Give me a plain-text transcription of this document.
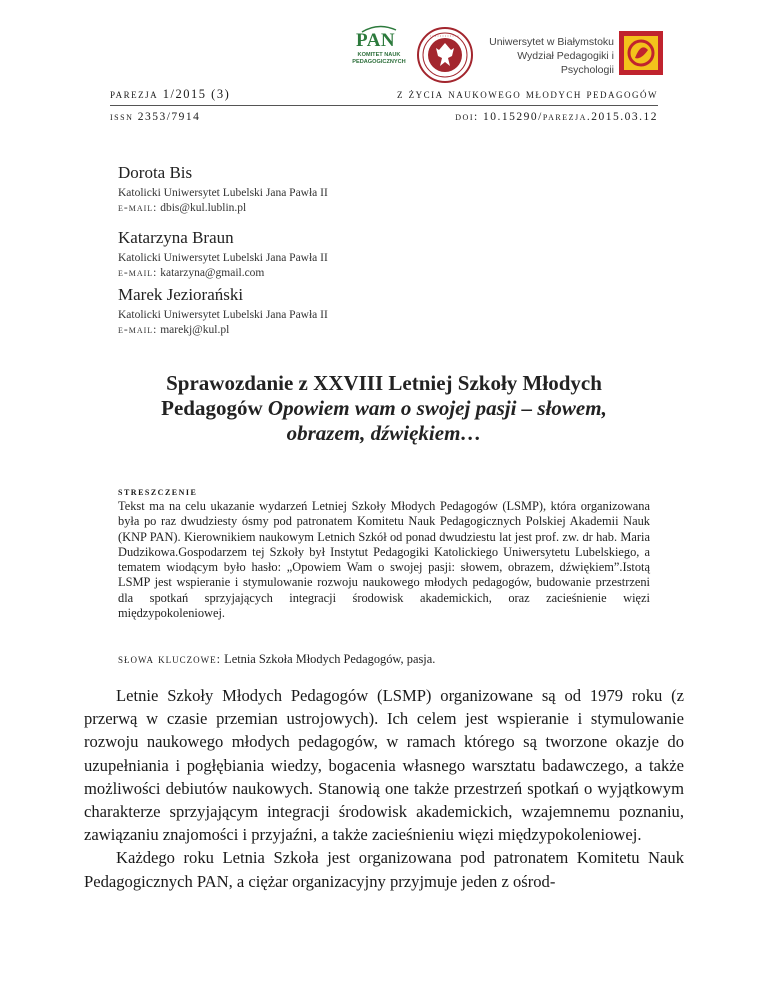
PAN
KOMITET NAUK
PEDAGOGICZNYCH
Uniwersytet w Białymstoku
Wydział Pedagogiki i Psychologii
parezja 1/2015 (3)	z życia naukowego młodych pedagogów
issn 2353/7914	doi: 10.15290/parezja.2015.03.12
Dorota Bis
Katolicki Uniwersytet Lubelski Jana Pawła II
e-mail: dbis@kul.lublin.pl
Katarzyna Braun
Katolicki Uniwersytet Lubelski Jana Pawła II
e-mail: katarzyna@gmail.com
Marek Jeziorański
Katolicki Uniwersytet Lubelski Jana Pawła II
e-mail: marekj@kul.pl
Sprawozdanie z XXVIII Letniej Szkoły Młodych
Pedagogów Opowiem wam o swojej pasji – słowem,
obrazem, dźwiękiem…
streszczenie
Tekst ma na celu ukazanie wydarzeń Letniej Szkoły Młodych Pedagogów (LSMP), która organizowana była po raz dwudziesty ósmy pod patronatem Komitetu Nauk Pedagogicznych Polskiej Akademii Nauk (KNP PAN). Kierownikiem naukowym Letnich Szkół od ponad dwudziestu lat jest prof. zw. dr hab. Maria Dudzikowa.Gospodarzem tej Szkoły był Instytut Pedagogiki Katolickiego Uniwersytetu Lubelskiego, a tematem wiodącym było hasło: „Opowiem Wam o swojej pasji: słowem, obrazem, dźwiękiem”.Istotą LSMP jest wspieranie i stymulowanie rozwoju naukowego młodych pedagogów, budowanie przestrzeni dla spotkań sprzyjających integracji środowisk akademickich, oraz zacieśnienie więzi międzypokoleniowej.
słowa kluczowe: Letnia Szkoła Młodych Pedagogów, pasja.

Letnie Szkoły Młodych Pedagogów (LSMP) organizowane są od 1979 roku (z przerwą w czasie przemian ustrojowych). Ich celem jest wspieranie i stymulowanie rozwoju naukowego młodych pedagogów, w ramach którego są tworzone okazje do uzupełniania i pogłębiania wiedzy, bogacenia własnego warsztatu badawczego, a także możliwości debiutów naukowych. Stanowią one także przestrzeń spotkań o wyjątkowym charakterze sprzyjającym integracji środowisk akademickich, wzajemnemu poznaniu, zawiązaniu znajomości i przyjaźni, a także zacieśnieniu więzi międzypokoleniowej.

Każdego roku Letnia Szkoła jest organizowana pod patronatem Komitetu Nauk Pedagogicznych PAN, a ciężar organizacyjny przyjmuje jeden z ośrod-
